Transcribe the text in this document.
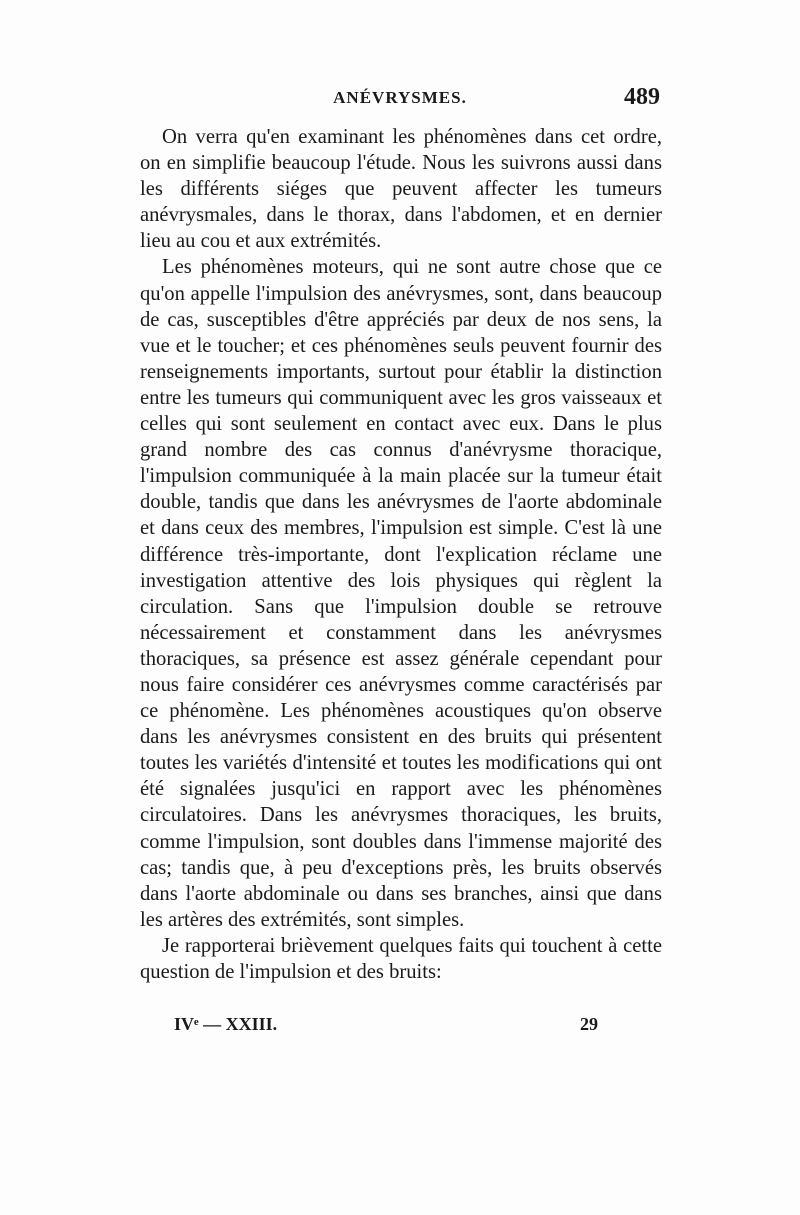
ANÉVRYSMES.	489

On verra qu'en examinant les phénomènes dans cet ordre, on en simplifie beaucoup l'étude. Nous les suivrons aussi dans les différents siéges que peuvent affecter les tumeurs anévrysmales, dans le thorax, dans l'abdomen, et en dernier lieu au cou et aux extrémités.

Les phénomènes moteurs, qui ne sont autre chose que ce qu'on appelle l'impulsion des anévrysmes, sont, dans beaucoup de cas, susceptibles d'être appréciés par deux de nos sens, la vue et le toucher; et ces phénomènes seuls peuvent fournir des renseignements importants, surtout pour établir la distinction entre les tumeurs qui communiquent avec les gros vaisseaux et celles qui sont seulement en contact avec eux. Dans le plus grand nombre des cas connus d'anévrysme thoracique, l'impulsion communiquée à la main placée sur la tumeur était double, tandis que dans les anévrysmes de l'aorte abdominale et dans ceux des membres, l'impulsion est simple. C'est là une différence très-importante, dont l'explication réclame une investigation attentive des lois physiques qui règlent la circulation. Sans que l'impulsion double se retrouve nécessairement et constamment dans les anévrysmes thoraciques, sa présence est assez générale cependant pour nous faire considérer ces anévrysmes comme caractérisés par ce phénomène. Les phénomènes acoustiques qu'on observe dans les anévrysmes consistent en des bruits qui présentent toutes les variétés d'intensité et toutes les modifications qui ont été signalées jusqu'ici en rapport avec les phénomènes circulatoires. Dans les anévrysmes thoraciques, les bruits, comme l'impulsion, sont doubles dans l'immense majorité des cas; tandis que, à peu d'exceptions près, les bruits observés dans l'aorte abdominale ou dans ses branches, ainsi que dans les artères des extrémités, sont simples.

Je rapporterai brièvement quelques faits qui touchent à cette question de l'impulsion et des bruits:

IVᵉ — XXIII.	29
